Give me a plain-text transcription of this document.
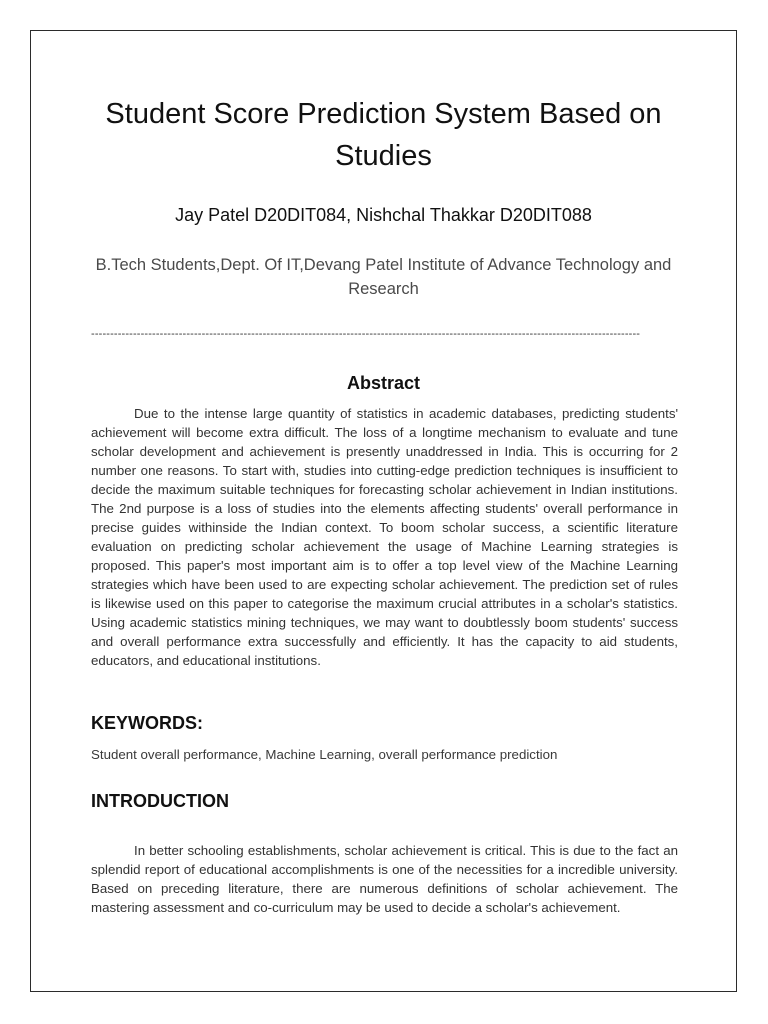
Student Score Prediction System Based on Studies

Jay Patel D20DIT084, Nishchal Thakkar D20DIT088

B.Tech Students,Dept. Of IT,Devang Patel Institute of Advance Technology and Research

------------------------------------------------------------------------------------------------------------------------------------------------
Abstract

Due to the intense large quantity of statistics in academic databases, predicting students' achievement will become extra difficult. The loss of a longtime mechanism to evaluate and tune scholar development and achievement is presently unaddressed in India. This is occurring for 2 number one reasons. To start with, studies into cutting-edge prediction techniques is insufficient to decide the maximum suitable techniques for forecasting scholar achievement in Indian institutions. The 2nd purpose is a loss of studies into the elements affecting students' overall performance in precise guides withinside the Indian context. To boom scholar success, a scientific literature evaluation on predicting scholar achievement the usage of Machine Learning strategies is proposed. This paper's most important aim is to offer a top level view of the Machine Learning strategies which have been used to are expecting scholar achievement. The prediction set of rules is likewise used on this paper to categorise the maximum crucial attributes in a scholar's statistics. Using academic statistics mining techniques, we may want to doubtlessly boom students' success and overall performance extra successfully and efficiently. It has the capacity to aid students, educators, and educational institutions.

KEYWORDS:

Student overall performance, Machine Learning, overall performance prediction

INTRODUCTION

In better schooling establishments, scholar achievement is critical. This is due to the fact an splendid report of educational accomplishments is one of the necessities for a incredible university. Based on preceding literature, there are numerous definitions of scholar achievement. The mastering assessment and co-curriculum may be used to decide a scholar's achievement.
